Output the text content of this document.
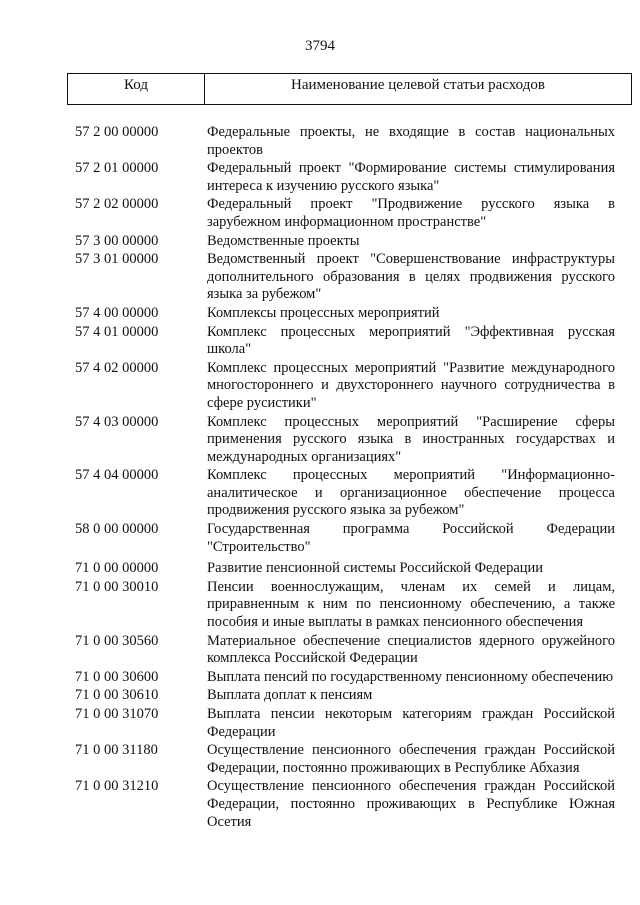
3794
Код	Наименование целевой статьи расходов
57 2 00 00000	Федеральные проекты, не входящие в состав национальных проектов
57 2 01 00000	Федеральный проект "Формирование системы стимулирования интереса к изучению русского языка"
57 2 02 00000	Федеральный проект "Продвижение русского языка в зарубежном информационном пространстве"
57 3 00 00000	Ведомственные проекты
57 3 01 00000	Ведомственный проект "Совершенствование инфраструктуры дополнительного образования в целях продвижения русского языка за рубежом"
57 4 00 00000	Комплексы процессных мероприятий
57 4 01 00000	Комплекс процессных мероприятий "Эффективная русская школа"
57 4 02 00000	Комплекс процессных мероприятий "Развитие международного многостороннего и двухстороннего научного сотрудничества в сфере русистики"
57 4 03 00000	Комплекс процессных мероприятий "Расширение сферы применения русского языка в иностранных государствах и международных организациях"
57 4 04 00000	Комплекс процессных мероприятий "Информационно-аналитическое и организационное обеспечение процесса продвижения русского языка за рубежом"
58 0 00 00000	Государственная программа Российской Федерации "Строительство"
71 0 00 00000	Развитие пенсионной системы Российской Федерации
71 0 00 30010	Пенсии военнослужащим, членам их семей и лицам, приравненным к ним по пенсионному обеспечению, а также пособия и иные выплаты в рамках пенсионного обеспечения
71 0 00 30560	Материальное обеспечение специалистов ядерного оружейного комплекса Российской Федерации
71 0 00 30600	Выплата пенсий по государственному пенсионному обеспечению
71 0 00 30610	Выплата доплат к пенсиям
71 0 00 31070	Выплата пенсии некоторым категориям граждан Российской Федерации
71 0 00 31180	Осуществление пенсионного обеспечения граждан Российской Федерации, постоянно проживающих в Республике Абхазия
71 0 00 31210	Осуществление пенсионного обеспечения граждан Российской Федерации, постоянно проживающих в Республике Южная Осетия
